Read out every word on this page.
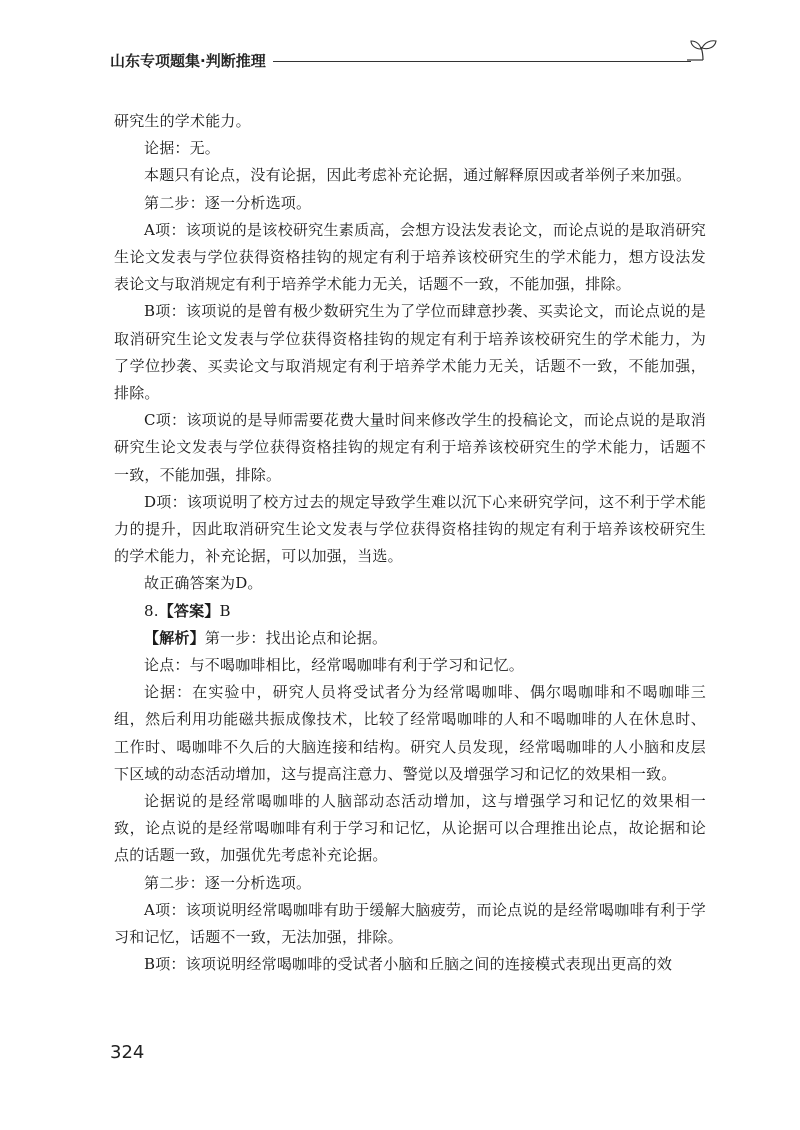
山东专项题集·判断推理

研究生的学术能力。

论据：无。

本题只有论点，没有论据，因此考虑补充论据，通过解释原因或者举例子来加强。

第二步：逐一分析选项。

A项：该项说的是该校研究生素质高，会想方设法发表论文，而论点说的是取消研究生论文发表与学位获得资格挂钩的规定有利于培养该校研究生的学术能力，想方设法发表论文与取消规定有利于培养学术能力无关，话题不一致，不能加强，排除。

B项：该项说的是曾有极少数研究生为了学位而肆意抄袭、买卖论文，而论点说的是取消研究生论文发表与学位获得资格挂钩的规定有利于培养该校研究生的学术能力，为了学位抄袭、买卖论文与取消规定有利于培养学术能力无关，话题不一致，不能加强，排除。

C项：该项说的是导师需要花费大量时间来修改学生的投稿论文，而论点说的是取消研究生论文发表与学位获得资格挂钩的规定有利于培养该校研究生的学术能力，话题不一致，不能加强，排除。

D项：该项说明了校方过去的规定导致学生难以沉下心来研究学问，这不利于学术能力的提升，因此取消研究生论文发表与学位获得资格挂钩的规定有利于培养该校研究生的学术能力，补充论据，可以加强，当选。

故正确答案为D。

8.【答案】B

【解析】第一步：找出论点和论据。

论点：与不喝咖啡相比，经常喝咖啡有利于学习和记忆。

论据：在实验中，研究人员将受试者分为经常喝咖啡、偶尔喝咖啡和不喝咖啡三组，然后利用功能磁共振成像技术，比较了经常喝咖啡的人和不喝咖啡的人在休息时、工作时、喝咖啡不久后的大脑连接和结构。研究人员发现，经常喝咖啡的人小脑和皮层下区域的动态活动增加，这与提高注意力、警觉以及增强学习和记忆的效果相一致。

论据说的是经常喝咖啡的人脑部动态活动增加，这与增强学习和记忆的效果相一致，论点说的是经常喝咖啡有利于学习和记忆，从论据可以合理推出论点，故论据和论点的话题一致，加强优先考虑补充论据。

第二步：逐一分析选项。

A项：该项说明经常喝咖啡有助于缓解大脑疲劳，而论点说的是经常喝咖啡有利于学习和记忆，话题不一致，无法加强，排除。

B项：该项说明经常喝咖啡的受试者小脑和丘脑之间的连接模式表现出更高的效

324
